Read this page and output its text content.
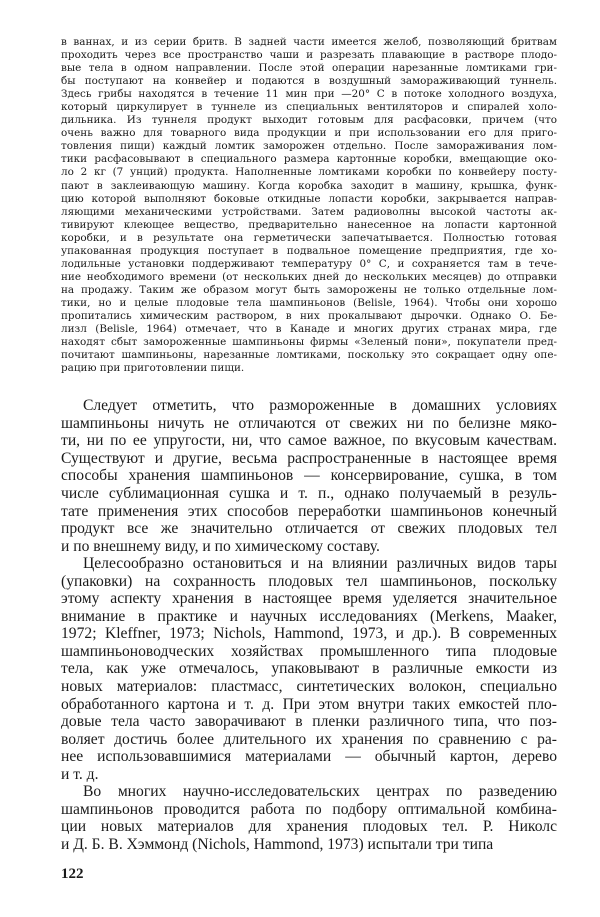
в ваннах, и из серии бритв. В задней части имеется желоб, позволяющий бритвам
проходить через все пространство чаши и разрезать плавающие в растворе плодо-
вые тела в одном направлении. После этой операции нарезанные ломтиками гри-
бы поступают на конвейер и подаются в воздушный замораживающий туннель.
Здесь грибы находятся в течение 11 мин при —20° С в потоке холодного воздуха,
который циркулирует в туннеле из специальных вентиляторов и спиралей холо-
дильника. Из туннеля продукт выходит готовым для расфасовки, причем (что
очень важно для товарного вида продукции и при использовании его для приго-
товления пищи) каждый ломтик заморожен отдельно. После замораживания лом-
тики расфасовывают в специального размера картонные коробки, вмещающие око-
ло 2 кг (7 унций) продукта. Наполненные ломтиками коробки по конвейеру посту-
пают в заклеивающую машину. Когда коробка заходит в машину, крышка, функ-
цию которой выполняют боковые откидные лопасти коробки, закрывается направ-
ляющими механическими устройствами. Затем радиоволны высокой частоты ак-
тивируют клеющее вещество, предварительно нанесенное на лопасти картонной
коробки, и в результате она герметически запечатывается. Полностью готовая
упакованная продукция поступает в подвальное помещение предприятия, где хо-
лодильные установки поддерживают температуру 0° С, и сохраняется там в тече-
ние необходимого времени (от нескольких дней до нескольких месяцев) до отправки
на продажу. Таким же образом могут быть заморожены не только отдельные лом-
тики, но и целые плодовые тела шампиньонов (Belisle, 1964). Чтобы они хорошо
пропитались химическим раствором, в них прокалывают дырочки. Однако О. Бе-
лизл (Belisle, 1964) отмечает, что в Канаде и многих других странах мира, где
находят сбыт замороженные шампиньоны фирмы «Зеленый пони», покупатели пред-
почитают шампиньоны, нарезанные ломтиками, поскольку это сокращает одну опе-
рацию при приготовлении пищи.
Следует отметить, что размороженные в домашних условиях
шампиньоны ничуть не отличаются от свежих ни по белизне мяко-
ти, ни по ее упругости, ни, что самое важное, по вкусовым качествам.
Существуют и другие, весьма распространенные в настоящее время
способы хранения шампиньонов — консервирование, сушка, в том
числе сублимационная сушка и т. п., однако получаемый в резуль-
тате применения этих способов переработки шампиньонов конечный
продукт все же значительно отличается от свежих плодовых тел
и по внешнему виду, и по химическому составу.
Целесообразно остановиться и на влиянии различных видов тары
(упаковки) на сохранность плодовых тел шампиньонов, поскольку
этому аспекту хранения в настоящее время уделяется значительное
внимание в практике и научных исследованиях (Merkens, Maaker,
1972; Kleffner, 1973; Nichols, Hammond, 1973, и др.). В современных
шампиньоноводческих хозяйствах промышленного типа плодовые
тела, как уже отмечалось, упаковывают в различные емкости из
новых материалов: пластмасс, синтетических волокон, специально
обработанного картона и т. д. При этом внутри таких емкостей пло-
довые тела часто заворачивают в пленки различного типа, что поз-
воляет достичь более длительного их хранения по сравнению с ра-
нее использовавшимися материалами — обычный картон, дерево
и т. д.
Во многих научно-исследовательских центрах по разведению
шампиньонов проводится работа по подбору оптимальной комбина-
ции новых материалов для хранения плодовых тел. Р. Николс
и Д. Б. В. Хэммонд (Nichols, Hammond, 1973) испытали три типа
122
